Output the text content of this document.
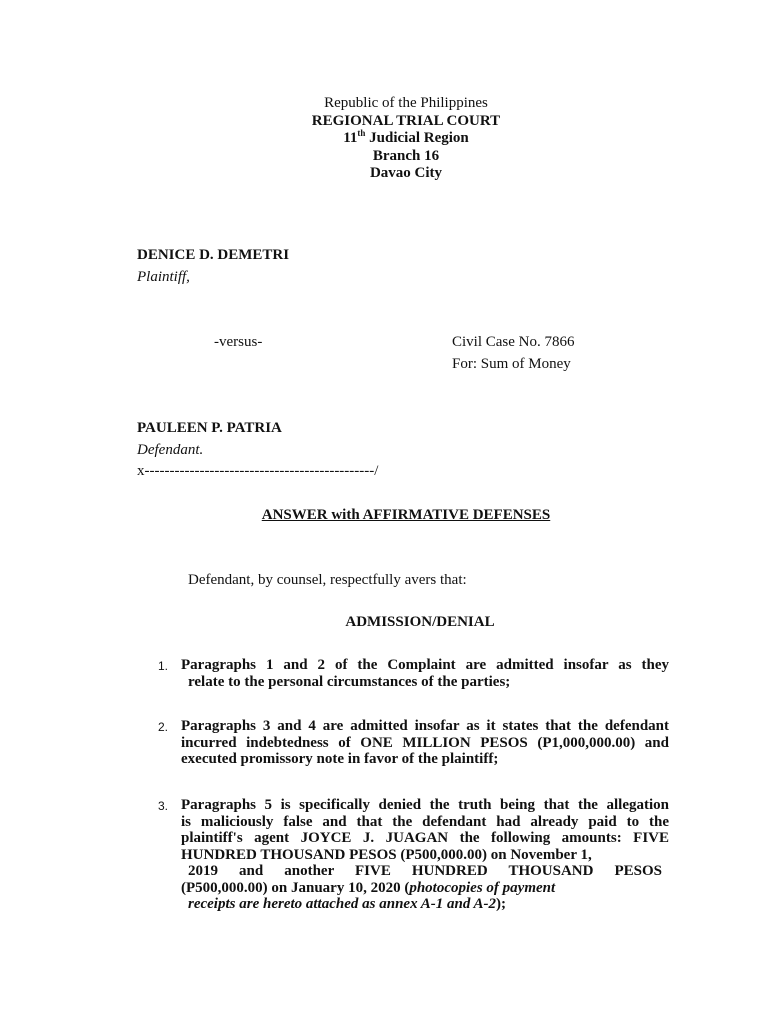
Republic of the Philippines
REGIONAL TRIAL COURT
11th Judicial Region
Branch 16
Davao City
DENICE D. DEMETRI
Plaintiff,
-versus-	Civil Case No. 7866
For: Sum of Money
PAULEEN P. PATRIA
Defendant.
x----------------------------------------------/
ANSWER with AFFIRMATIVE DEFENSES
Defendant, by counsel, respectfully avers that:
ADMISSION/DENIAL
1. Paragraphs 1 and 2 of the Complaint are admitted insofar as they
relate to the personal circumstances of the parties;
2. Paragraphs 3 and 4 are admitted insofar as it states that the defendant
incurred indebtedness of ONE MILLION PESOS (P1,000,000.00) and
executed promissory note in favor of the plaintiff;
3. Paragraphs 5 is specifically denied the truth being that the allegation
is maliciously false and that the defendant had already paid to the
plaintiff's agent JOYCE J. JUAGAN the following amounts: FIVE
HUNDRED THOUSAND PESOS (P500,000.00) on November 1,
2019 and another FIVE HUNDRED THOUSAND PESOS
(P500,000.00) on January 10, 2020 (photocopies of payment
receipts are hereto attached as annex A-1 and A-2);
